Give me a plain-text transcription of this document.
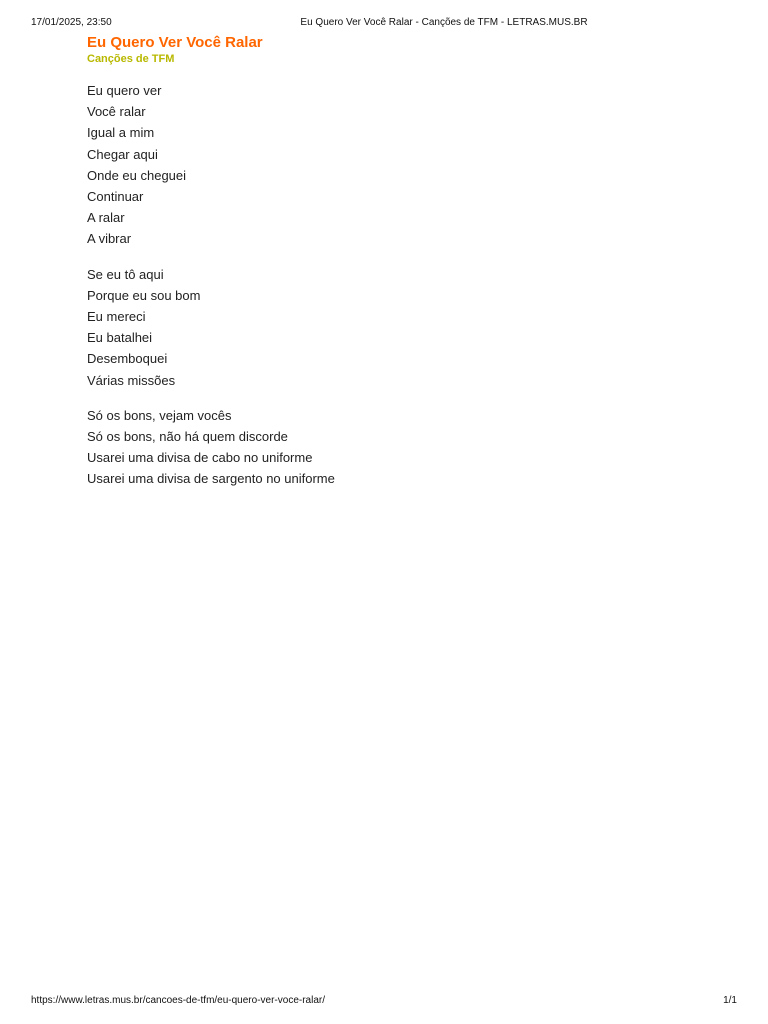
17/01/2025, 23:50	Eu Quero Ver Você Ralar - Canções de TFM - LETRAS.MUS.BR
Eu Quero Ver Você Ralar
Canções de TFM
Eu quero ver
Você ralar
Igual a mim
Chegar aqui
Onde eu cheguei
Continuar
A ralar
A vibrar
Se eu tô aqui
Porque eu sou bom
Eu mereci
Eu batalhei
Desemboquei
Várias missões
Só os bons, vejam vocês
Só os bons, não há quem discorde
Usarei uma divisa de cabo no uniforme
Usarei uma divisa de sargento no uniforme
https://www.letras.mus.br/cancoes-de-tfm/eu-quero-ver-voce-ralar/	1/1
